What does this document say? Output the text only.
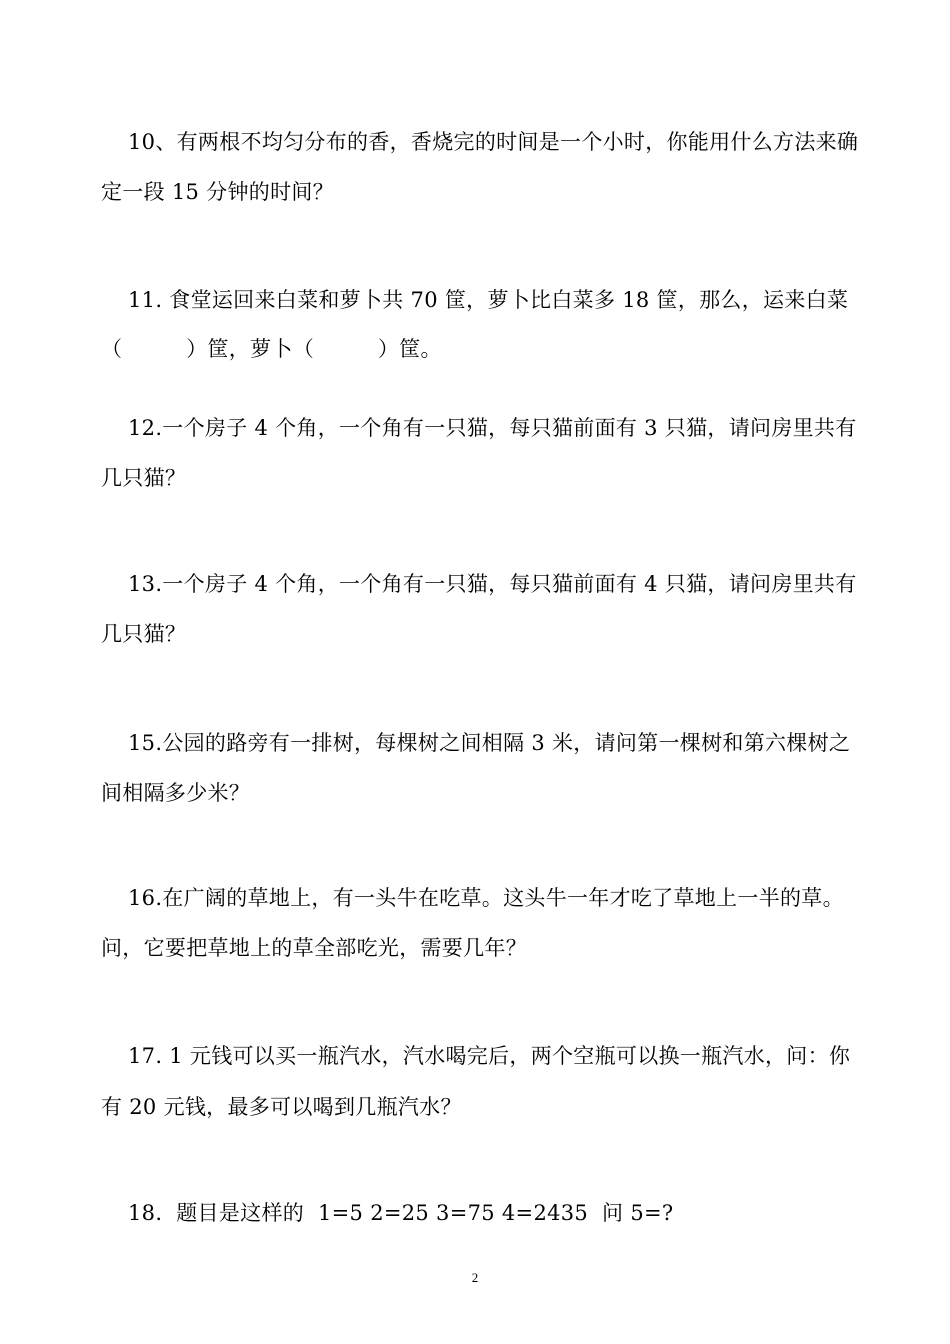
10、有两根不均匀分布的香，香烧完的时间是一个小时，你能用什么方法来确
定一段 15 分钟的时间？
11. 食堂运回来白菜和萝卜共 70 筐，萝卜比白菜多 18 筐，那么，运来白菜
（　　　）筐，萝卜（　　　）筐。
12.一个房子 4 个角，一个角有一只猫，每只猫前面有 3 只猫，请问房里共有
几只猫？
13.一个房子 4 个角，一个角有一只猫，每只猫前面有 4 只猫，请问房里共有
几只猫？
15.公园的路旁有一排树，每棵树之间相隔 3 米，请问第一棵树和第六棵树之
间相隔多少米？
16.在广阔的草地上，有一头牛在吃草。这头牛一年才吃了草地上一半的草。
问，它要把草地上的草全部吃光，需要几年？
17. 1 元钱可以买一瓶汽水，汽水喝完后，两个空瓶可以换一瓶汽水，问：你
有 20 元钱，最多可以喝到几瓶汽水？
18.  题目是这样的  1=5 2=25 3=75 4=2435  问 5=?
2
